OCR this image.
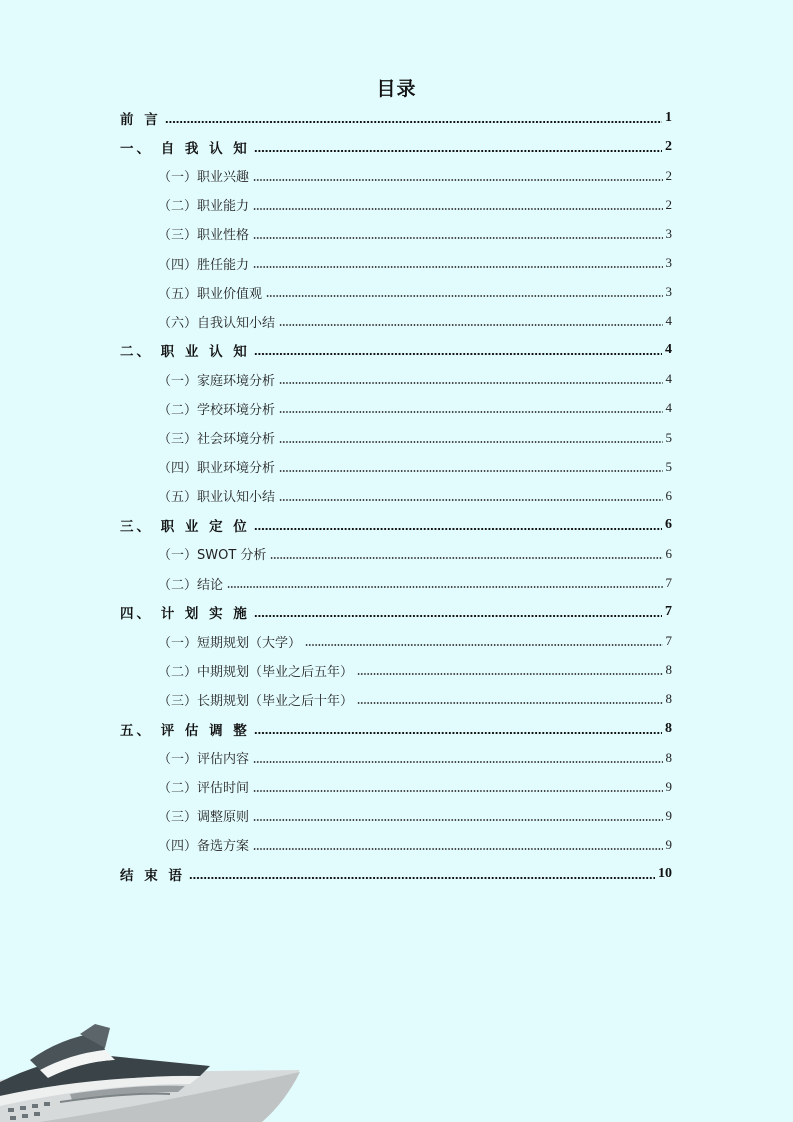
目录
前 言	1
一、 自 我 认 知	2
（一）职业兴趣	2
（二）职业能力	2
（三）职业性格	3
（四）胜任能力	3
（五）职业价值观	3
（六）自我认知小结	4
二、 职 业 认 知	4
（一）家庭环境分析	4
（二）学校环境分析	4
（三）社会环境分析	5
（四）职业环境分析	5
（五）职业认知小结	6
三、 职 业 定 位	6
（一）SWOT 分析	6
（二）结论	7
四、 计 划 实 施	7
（一）短期规划（大学）	7
（二）中期规划（毕业之后五年）	8
（三）长期规划（毕业之后十年）	8
五、 评 估 调 整	8
（一）评估内容	8
（二）评估时间	9
（三）调整原则	9
（四）备选方案	9
结 束 语	10
